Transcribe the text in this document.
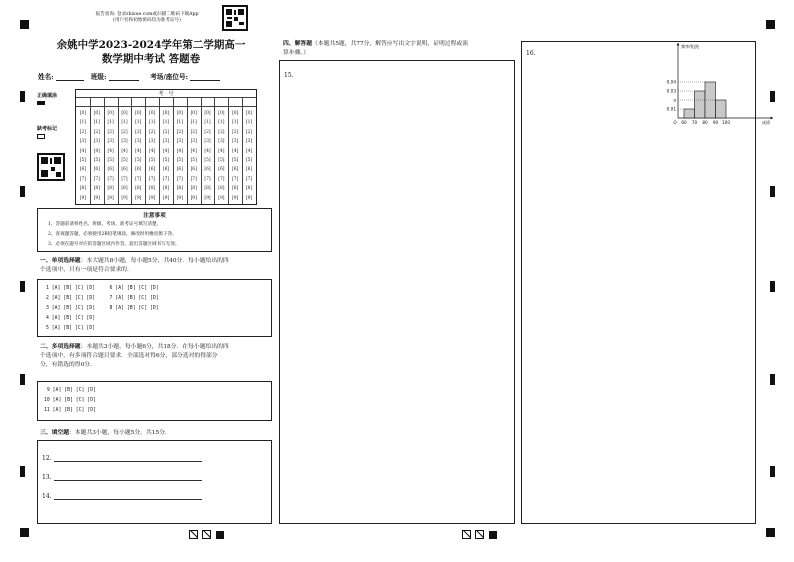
报告查询: 登录zhixue.com或扫描二维码下载App
(用户名和初始密码均为准考证号)
余姚中学2023-2024学年第二学期高一
数学期中考试 答题卷
姓名:	班级:	考场/座位号:
正确填涂
缺考标记
考　号
[0]
[1]
[2]
[3]
[4]
[5]
[6]
[7]
[8]
[9]
[0]
[1]
[2]
[3]
[4]
[5]
[6]
[7]
[8]
[9]
[0]
[1]
[2]
[3]
[4]
[5]
[6]
[7]
[8]
[9]
[0]
[1]
[2]
[3]
[4]
[5]
[6]
[7]
[8]
[9]
[0]
[1]
[2]
[3]
[4]
[5]
[6]
[7]
[8]
[9]
[0]
[1]
[2]
[3]
[4]
[5]
[6]
[7]
[8]
[9]
[0]
[1]
[2]
[3]
[4]
[5]
[6]
[7]
[8]
[9]
[0]
[1]
[2]
[3]
[4]
[5]
[6]
[7]
[8]
[9]
[0]
[1]
[2]
[3]
[4]
[5]
[6]
[7]
[8]
[9]
[0]
[1]
[2]
[3]
[4]
[5]
[6]
[7]
[8]
[9]
[0]
[1]
[2]
[3]
[4]
[5]
[6]
[7]
[8]
[9]
[0]
[1]
[2]
[3]
[4]
[5]
[6]
[7]
[8]
[9]
[0]
[1]
[2]
[3]
[4]
[5]
[6]
[7]
[8]
[9]
注意事项
1、答题前请将姓名、班级、考场、准考证号填写清楚。
2、客观题答题，必须使用2B铅笔填涂，修改时用橡皮擦干净。
3、必须在题号对应的答题区域内作答，超出答题区域书写无效。
一、单项选择题：本大题共8小题，每小题5分，共40分．每小题给出的四
个选项中，只有一项是符合要求的.
1 [A] [B] [C] [D]     6 [A] [B] [C] [D]
2 [A] [B] [C] [D]     7 [A] [B] [C] [D]
3 [A] [B] [C] [D]     8 [A] [B] [C] [D]
4 [A] [B] [C] [D]
5 [A] [B] [C] [D]
二、多项选择题：本题共3小题，每小题6分，共18分．在每小题给出的四
个选项中，有多项符合题目要求．全部选对得6分，部分选对的得部分
分，有错选的得0分.
9 [A] [B] [C] [D]
10 [A] [B] [C] [D]
11 [A] [B] [C] [D]
三、填空题：本题共3小题，每小题5分，共15分.
12.
13.
14.
四、解答题（本题共5题，共77分，解答应写出文字说明、证明过程或演
算步骤。）
15.
16.
0.04
0.03
a
0.01
O 60 70 80 90 100
频率/组距
成绩
